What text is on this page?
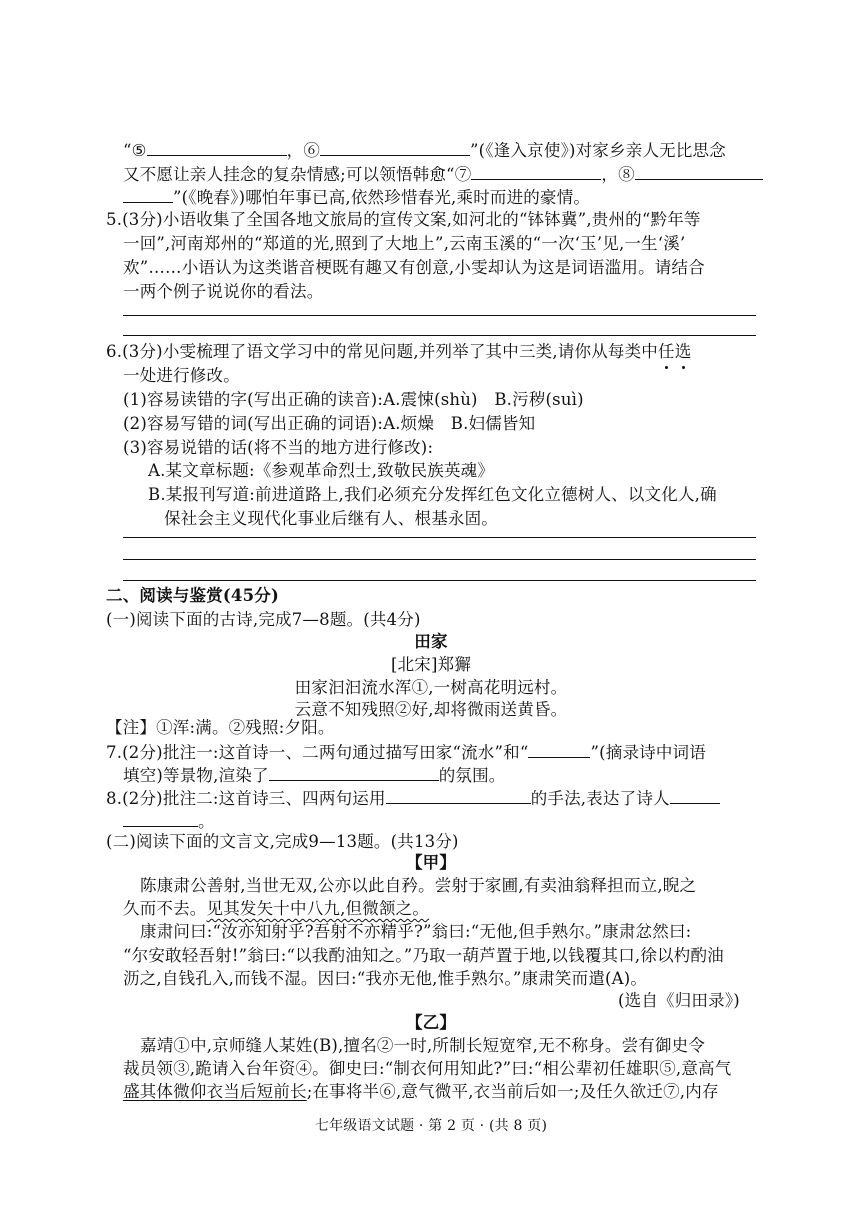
“⑤	，⑥	”(《逢入京使》)对家乡亲人无比思念
又不愿让亲人挂念的复杂情感;可以领悟韩愈“⑦	，⑧
”(《晚春》)哪怕年事已高,依然珍惜春光,乘时而进的豪情。
5.(3分)小语收集了全国各地文旅局的宣传文案,如河北的“钵钵冀”,贵州的“黔年等
一回”,河南郑州的“郑道的光,照到了大地上”,云南玉溪的“一次‘玉’见,一生‘溪’
欢”……小语认为这类谐音梗既有趣又有创意,小雯却认为这是词语滥用。请结合
一两个例子说说你的看法。
6.(3分)小雯梳理了语文学习中的常见问题,并列举了其中三类,请你从每类中任选
一处进行修改。
(1)容易读错的字(写出正确的读音):A.震悚(shù)　B.污秽(suì)
(2)容易写错的词(写出正确的词语):A.烦燥　B.妇儒皆知
(3)容易说错的话(将不当的地方进行修改):
A.某文章标题:《参观革命烈士,致敬民族英魂》
B.某报刊写道:前进道路上,我们必须充分发挥红色文化立德树人、以文化人,确
保社会主义现代化事业后继有人、根基永固。
二、阅读与鉴赏(45分)
(一)阅读下面的古诗,完成7—8题。(共4分)
田家
[北宋]郑獬
田家汩汩流水浑①,一树高花明远村。
云意不知残照②好,却将微雨送黄昏。
【注】①浑:满。②残照:夕阳。
7.(2分)批注一:这首诗一、二两句通过描写田家“流水”和“	”(摘录诗中词语
填空)等景物,渲染了	的氛围。
8.(2分)批注二:这首诗三、四两句运用	的手法,表达了诗人
。
(二)阅读下面的文言文,完成9—13题。(共13分)
【甲】
陈康肃公善射,当世无双,公亦以此自矜。尝射于家圃,有卖油翁释担而立,睨之
久而不去。见其发矢十中八九,但微颔之。
康肃问曰:“汝亦知射乎?吾射不亦精乎?”翁曰:“无他,但手熟尔。”康肃忿然曰:
“尔安敢轻吾射!”翁曰:“以我酌油知之。”乃取一葫芦置于地,以钱覆其口,徐以杓酌油
沥之,自钱孔入,而钱不湿。因曰:“我亦无他,惟手熟尔。”康肃笑而遣(A)。
(选自《归田录》)
【乙】
嘉靖①中,京师缝人某姓(B),擅名②一时,所制长短宽窄,无不称身。尝有御史令
裁员领③,跪请入台年资④。御史曰:“制衣何用知此?”曰:“相公辈初任雄职⑤,意高气
盛其体微仰衣当后短前长;在事将半⑥,意气微平,衣当前后如一;及任久欲迁⑦,内存
七年级语文试题 · 第 2 页 · (共 8 页)
